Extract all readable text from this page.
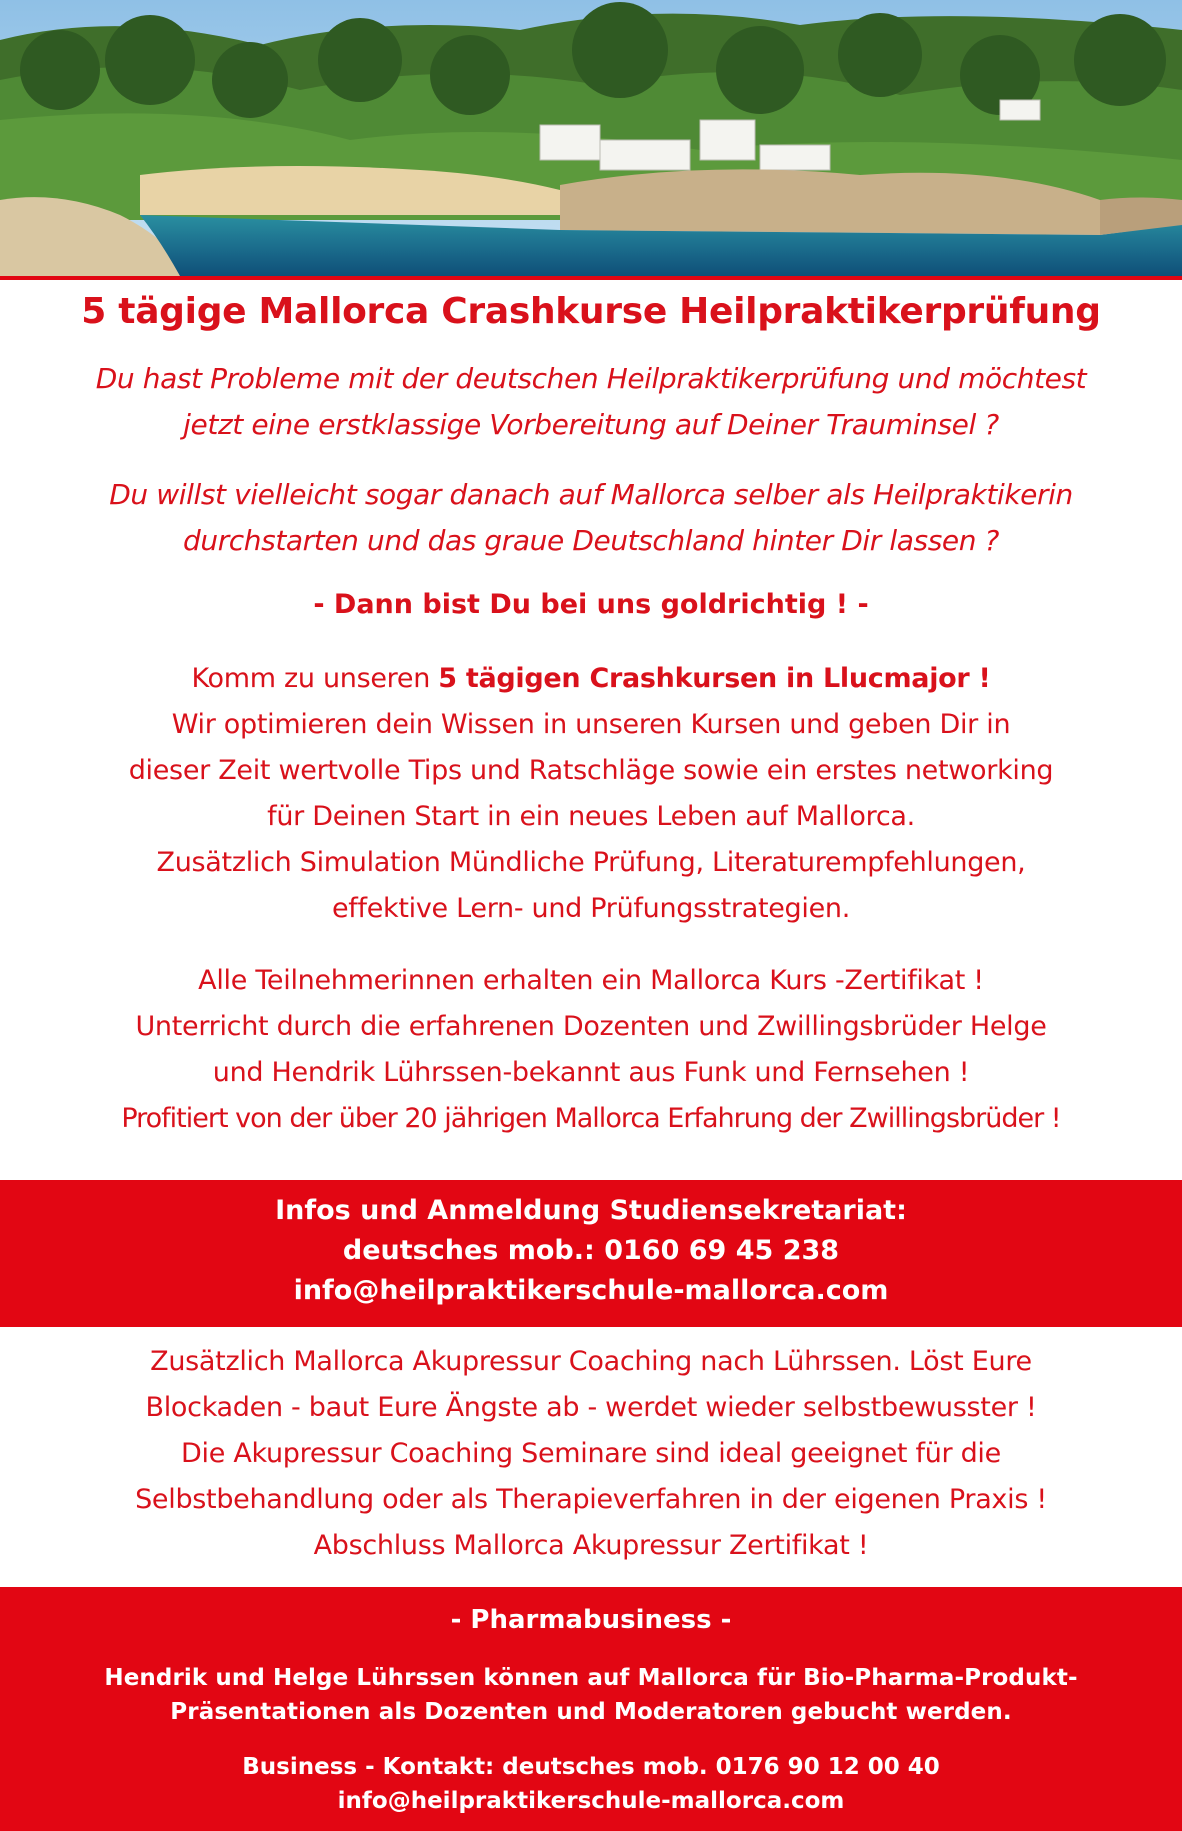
5 tägige Mallorca Crashkurse Heilpraktikerprüfung

Du hast Probleme mit der deutschen Heilpraktikerprüfung und möchtest

jetzt eine erstklassige Vorbereitung auf Deiner Trauminsel ?

Du willst vielleicht sogar danach auf Mallorca selber als Heilpraktikerin

durchstarten und das graue Deutschland hinter Dir lassen ?

- Dann bist Du bei uns goldrichtig ! -

Komm zu unseren 5 tägigen Crashkursen in Llucmajor !

Wir optimieren dein Wissen in unseren Kursen und geben Dir in

dieser Zeit wertvolle Tips und Ratschläge sowie ein erstes networking

für Deinen Start in ein neues Leben auf Mallorca.

Zusätzlich Simulation Mündliche Prüfung, Literaturempfehlungen,

effektive Lern- und Prüfungsstrategien.

Alle Teilnehmerinnen erhalten ein Mallorca Kurs -Zertifikat !

Unterricht durch die erfahrenen Dozenten und Zwillingsbrüder Helge

und Hendrik Lührssen-bekannt aus Funk und Fernsehen !

Profitiert von der über 20 jährigen Mallorca Erfahrung der Zwillingsbrüder !

Infos und Anmeldung Studiensekretariat:

deutsches mob.: 0160 69 45 238

info@heilpraktikerschule-mallorca.com

Zusätzlich Mallorca Akupressur Coaching nach Lührssen. Löst Eure

Blockaden - baut Eure Ängste ab - werdet wieder selbstbewusster !

Die Akupressur Coaching Seminare sind ideal geeignet für die

Selbstbehandlung oder als Therapieverfahren in der eigenen Praxis !

Abschluss Mallorca Akupressur Zertifikat !

- Pharmabusiness -

Hendrik und Helge Lührssen können auf Mallorca für Bio-Pharma-Produkt-

Präsentationen als Dozenten und Moderatoren gebucht werden.

Business - Kontakt: deutsches mob. 0176 90 12 00 40

info@heilpraktikerschule-mallorca.com
